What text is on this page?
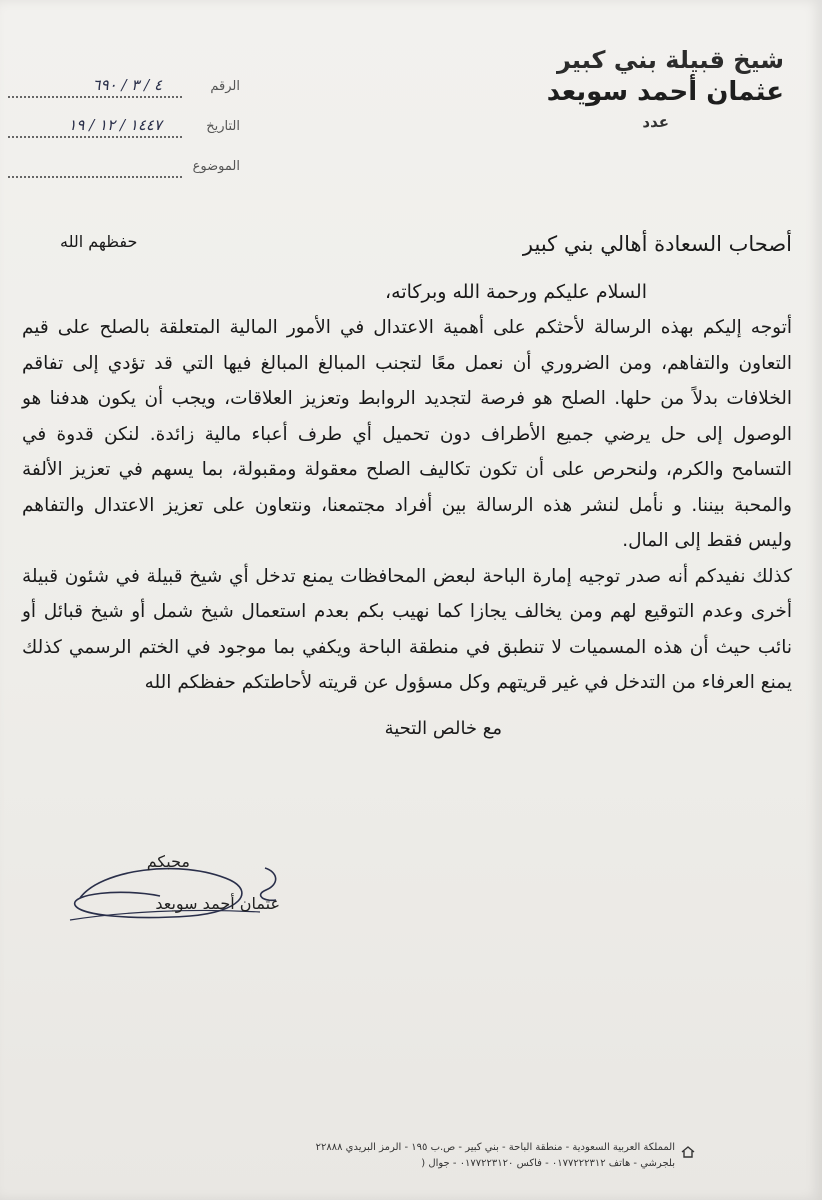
شيخ قبيلة بني كبير
عثمان أحمد سويعد
عدد
الرقم
٤ / ٣ / ٦٩٠
التاريخ
١٤٤٧ / ١٢ / ١٩
الموضوع
أصحاب السعادة أهالي بني كبير
حفظهم الله
السلام عليكم ورحمة الله وبركاته،

أتوجه إليكم بهذه الرسالة لأحثكم على أهمية الاعتدال في الأمور المالية المتعلقة بالصلح على قيم التعاون والتفاهم، ومن الضروري أن نعمل معًا لتجنب المبالغ المبالغ فيها التي قد تؤدي إلى تفاقم الخلافات بدلاً من حلها. الصلح هو فرصة لتجديد الروابط وتعزيز العلاقات، ويجب أن يكون هدفنا هو الوصول إلى حل يرضي جميع الأطراف دون تحميل أي طرف أعباء مالية زائدة. لنكن قدوة في التسامح والكرم، ولنحرص على أن تكون تكاليف الصلح معقولة ومقبولة، بما يسهم في تعزيز الألفة والمحبة بيننا. و نأمل لنشر هذه الرسالة بين أفراد مجتمعنا، ونتعاون على تعزيز الاعتدال والتفاهم وليس فقط إلى المال.

كذلك نفيدكم أنه صدر توجيه إمارة الباحة لبعض المحافظات يمنع تدخل أي شيخ قبيلة في شئون قبيلة أخرى وعدم التوقيع لهم ومن يخالف يجازا كما نهيب بكم بعدم استعمال شيخ شمل أو شيخ قبائل أو نائب حيث أن هذه المسميات لا تنطبق في منطقة الباحة ويكفي بما موجود في الختم الرسمي كذلك يمنع العرفاء من التدخل في غير قريتهم وكل مسؤول عن قريته لأحاطتكم حفظكم الله

مع خالص التحية
محبكم
عثمان أحمد سويعد
المملكة العربية السعودية - منطقة الباحة - بني كبير - ص.ب ١٩٥ - الرمز البريدي ٢٢٨٨٨
بلجرشي - هاتف ٠١٧٧٢٢٢٣١٢ - فاكس ٠١٧٧٢٢٣١٢٠ - جوال (
